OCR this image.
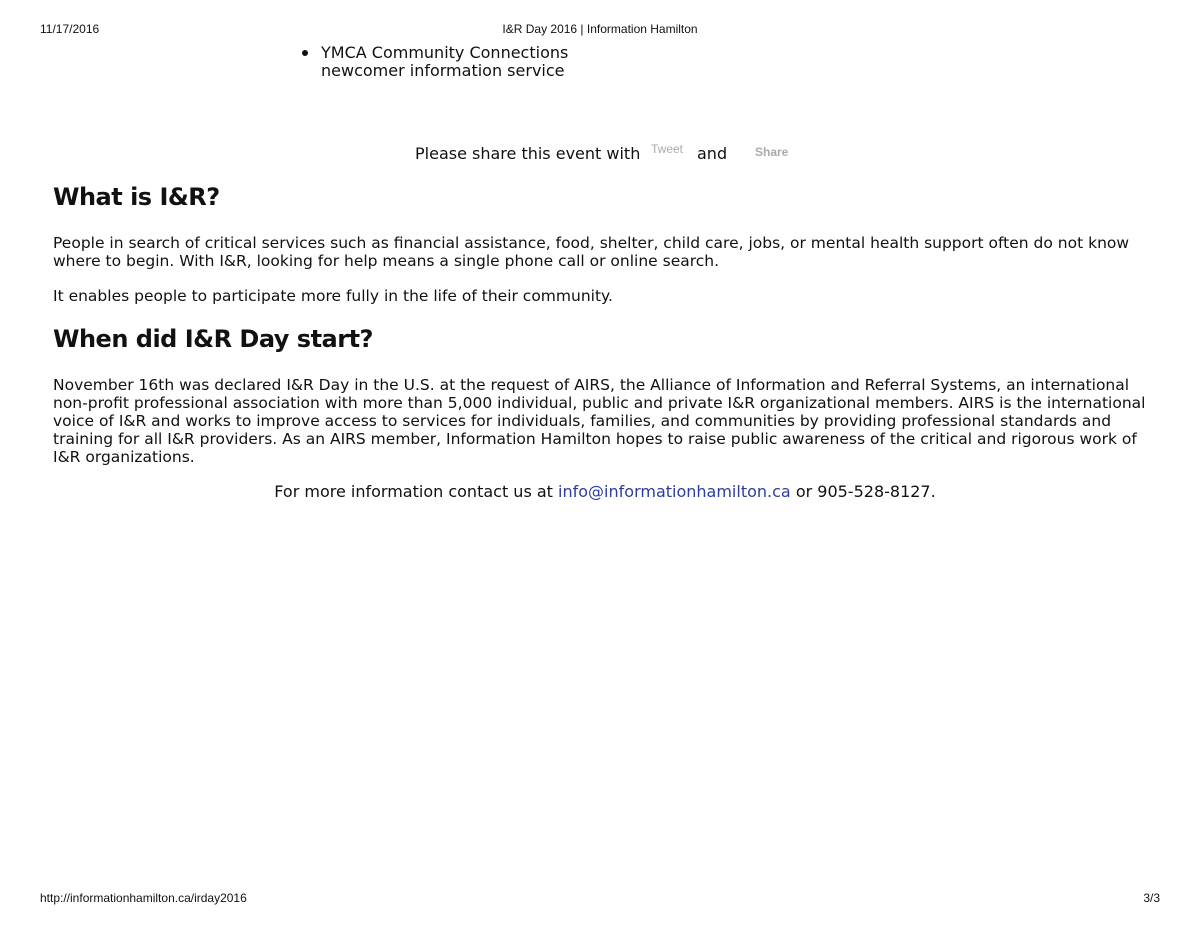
11/17/2016	I&R Day 2016 | Information Hamilton
YMCA Community Connections newcomer information service
Please share this event with Tweet and Share
What is I&R?

People in search of critical services such as financial assistance, food, shelter, child care, jobs, or mental health support often do not know where to begin. With I&R, looking for help means a single phone call or online search.

It enables people to participate more fully in the life of their community.

When did I&R Day start?

November 16th was declared I&R Day in the U.S. at the request of AIRS, the Alliance of Information and Referral Systems, an international non-profit professional association with more than 5,000 individual, public and private I&R organizational members. AIRS is the international voice of I&R and works to improve access to services for individuals, families, and communities by providing professional standards and training for all I&R providers. As an AIRS member, Information Hamilton hopes to raise public awareness of the critical and rigorous work of I&R organizations.

For more information contact us at info@informationhamilton.ca or 905-528-8127.
http://informationhamilton.ca/irday2016	3/3
